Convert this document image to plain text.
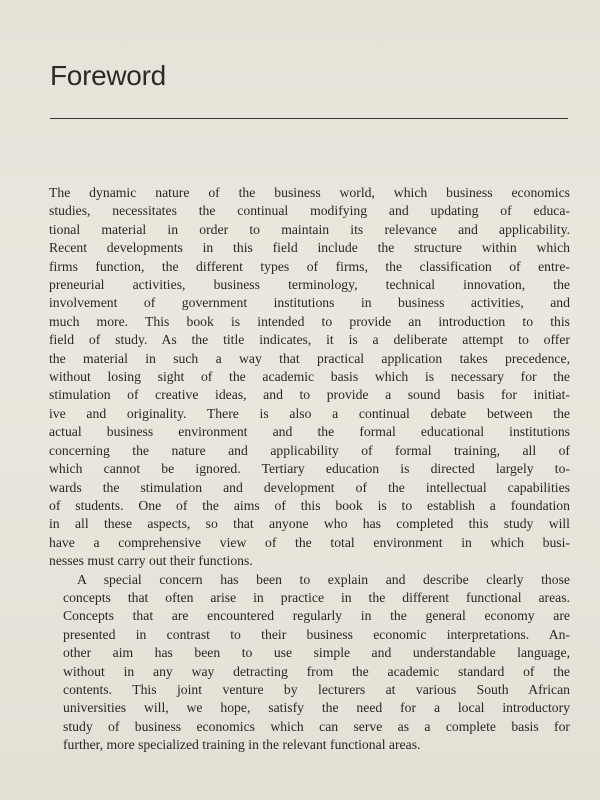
Foreword

The dynamic nature of the business world, which business economics
studies, necessitates the continual modifying and updating of educa-
tional material in order to maintain its relevance and applicability.
Recent developments in this field include the structure within which
firms function, the different types of firms, the classification of entre-
preneurial activities, business terminology, technical innovation, the
involvement of government institutions in business activities, and
much more. This book is intended to provide an introduction to this
field of study. As the title indicates, it is a deliberate attempt to offer
the material in such a way that practical application takes precedence,
without losing sight of the academic basis which is necessary for the
stimulation of creative ideas, and to provide a sound basis for initiat-
ive and originality. There is also a continual debate between the
actual business environment and the formal educational institutions
concerning the nature and applicability of formal training, all of
which cannot be ignored. Tertiary education is directed largely to-
wards the stimulation and development of the intellectual capabilities
of students. One of the aims of this book is to establish a foundation
in all these aspects, so that anyone who has completed this study will
have a comprehensive view of the total environment in which busi-
nesses must carry out their functions.

A special concern has been to explain and describe clearly those

concepts that often arise in practice in the different functional areas.
Concepts that are encountered regularly in the general economy are
presented in contrast to their business economic interpretations. An-
other aim has been to use simple and understandable language,
without in any way detracting from the academic standard of the
contents. This joint venture by lecturers at various South African
universities will, we hope, satisfy the need for a local introductory
study of business economics which can serve as a complete basis for
further, more specialized training in the relevant functional areas.
